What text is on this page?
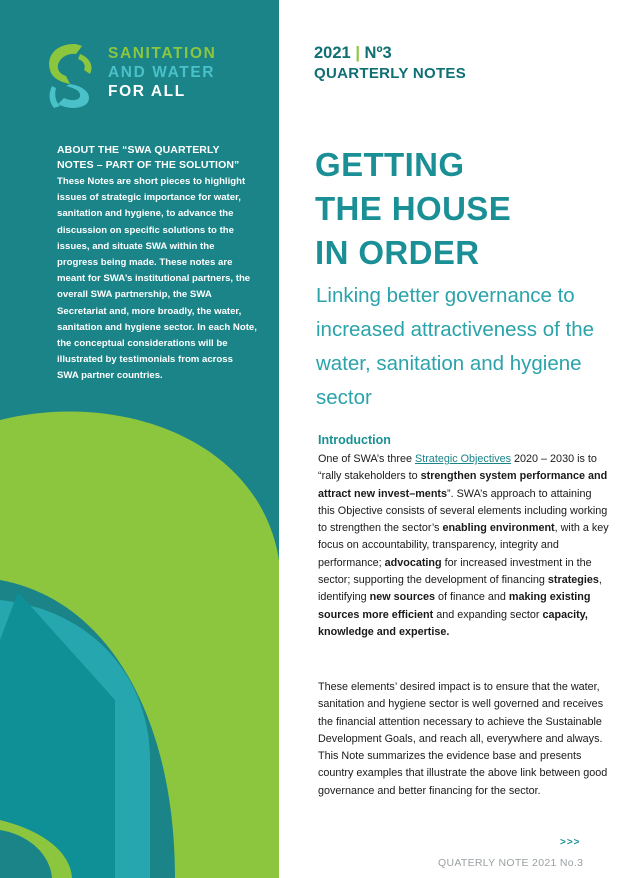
SANITATION
AND WATER
FOR ALL

ABOUT THE “SWA QUARTERLY NOTES – PART OF THE SOLUTION”

These Notes are short pieces to highlight issues of strategic importance for water, sanitation and hygiene, to advance the discussion on specific solutions to the issues, and situate SWA within the progress being made. These notes are meant for SWA’s institutional partners, the overall SWA partnership, the SWA Secretariat and, more broadly, the water, sanitation and hygiene sector. In each Note, the conceptual considerations will be illustrated by testimonials from across SWA partner countries.

2021 | Nº3
QUARTERLY NOTES
GETTING
THE HOUSE
IN ORDER

Linking better governance to increased attractiveness of the water, sanitation and hygiene sector

Introduction

One of SWA’s three Strategic Objectives 2020 – 2030 is to “rally stakeholders to strengthen system performance and attract new invest–ments”. SWA’s approach to attaining this Objective consists of several elements including working to strengthen the sector’s enabling environment, with a key focus on accountability, transparency, integrity and performance; advocating for increased investment in the sector; supporting the development of financing strategies, identifying new sources of finance and making existing sources more efficient and expanding sector capacity, knowledge and expertise.

These elements’ desired impact is to ensure that the water, sanitation and hygiene sector is well governed and receives the financial attention necessary to achieve the Sustainable Development Goals, and reach all, everywhere and always. This Note summarizes the evidence base and presents country examples that illustrate the above link between good governance and better financing for the sector.

>>>
QUATERLY NOTE 2021 No.3
